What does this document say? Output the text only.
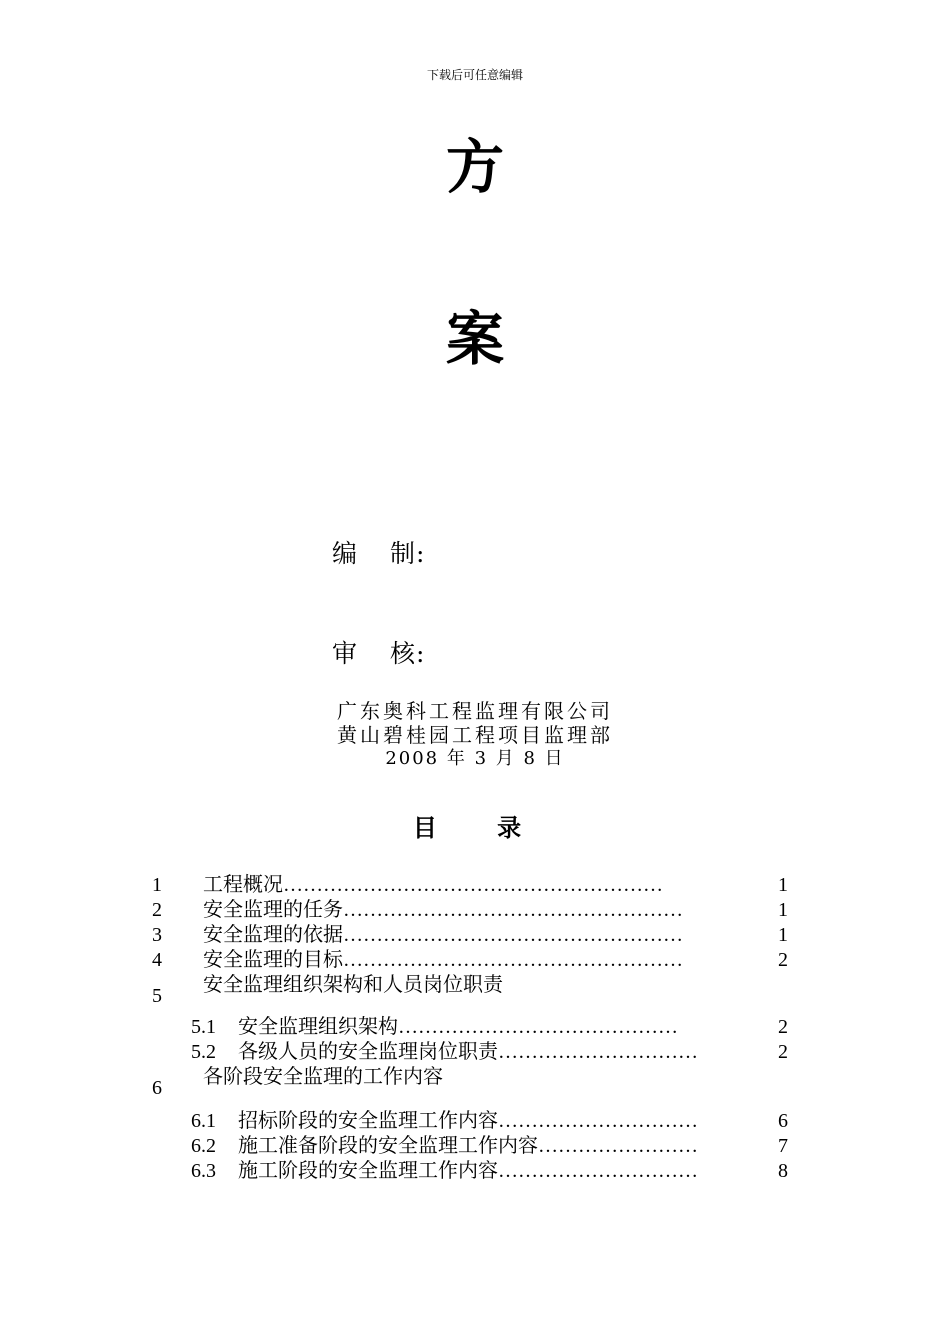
下载后可任意编辑
方
案
编 制:
审 核:
广东奥科工程监理有限公司
黄山碧桂园工程项目监理部
2008 年 3 月 8 日
目 录
1 工程概况…………………………………………………	1
2 安全监理的任务……………………………………………	1
3 安全监理的依据……………………………………………	1
4 安全监理的目标……………………………………………	2
5 安全监理组织架构和人员岗位职责
5.1	安全监理组织架构……………………………………	2
5.2	各级人员的安全监理岗位职责…………………………	2
6 各阶段安全监理的工作内容
6.1	招标阶段的安全监理工作内容…………………………	6
6.2	施工准备阶段的安全监理工作内容……………………	7
6.3	施工阶段的安全监理工作内容…………………………	8
